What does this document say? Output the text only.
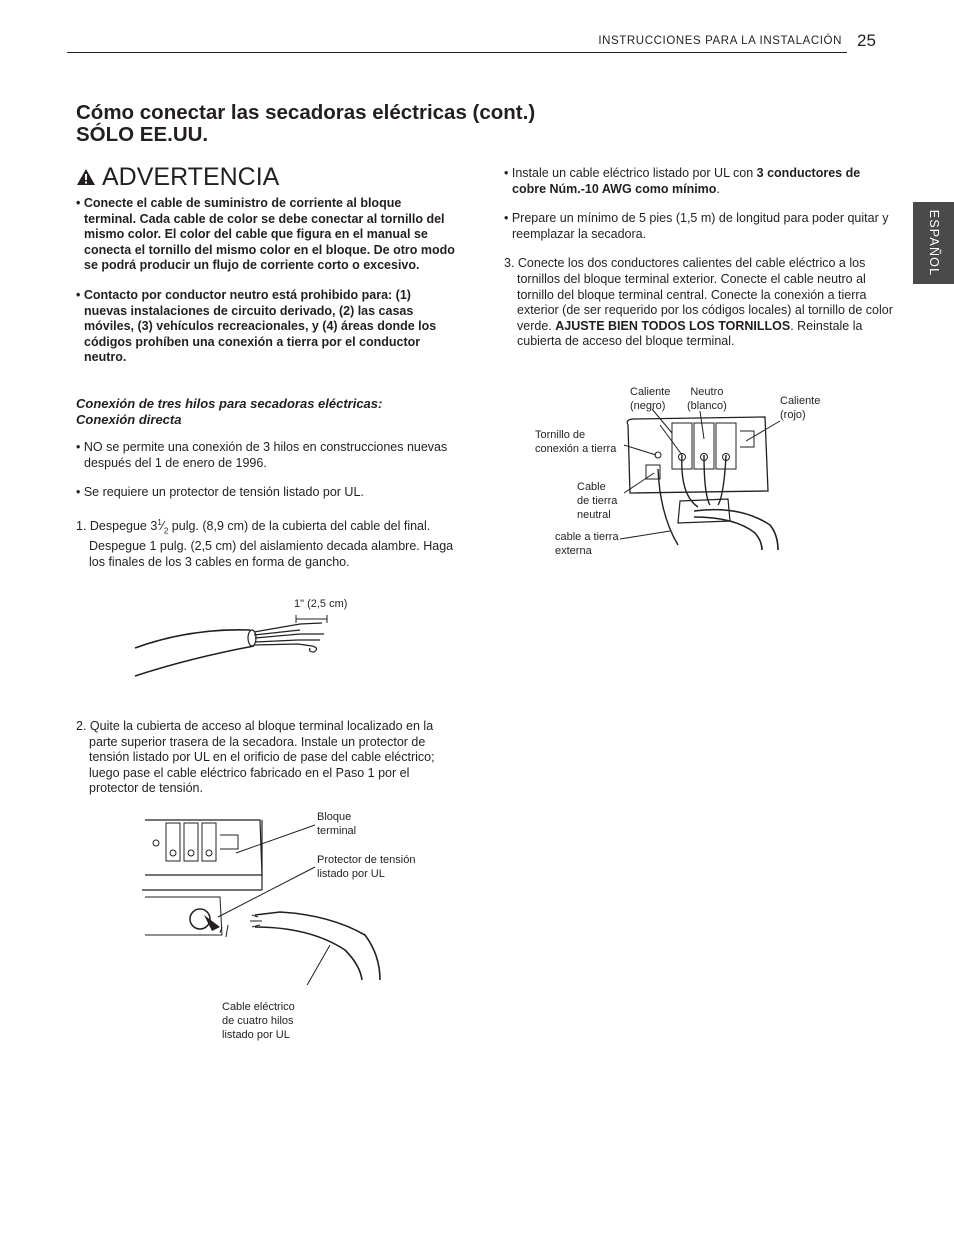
INSTRUCCIONES PARA LA INSTALACIÓN 25
ESPAÑOL
Cómo conectar las secadoras eléctricas (cont.)
SÓLO EE.UU.
ADVERTENCIA

• Conecte el cable de suministro de corriente al bloque terminal. Cada cable de color se debe conectar al tornillo del mismo color. El color del cable que figura en el manual se conecta el tornillo del mismo color en el bloque. De otro modo se podrá producir un flujo de corriente corto o excesivo.

• Contacto por conductor neutro está prohibido para: (1) nuevas instalaciones de circuito derivado, (2) las casas móviles, (3) vehículos recreacionales, y (4) áreas donde los códigos prohíben una conexión a tierra por el conductor neutro.

Conexión de tres hilos para secadoras eléctricas:
Conexión directa

• NO se permite una conexión de 3 hilos en construcciones nuevas después del 1 de enero de 1996.

• Se requiere un protector de tensión listado por UL.

1. Despegue $3^1⁄_2$ pulg. (8,9 cm) de la cubierta del cable del final. Despegue 1 pulg. (2,5 cm) del aislamiento decada alambre. Haga los finales de los 3 cables en forma de gancho.

1" (2,5 cm)

2. Quite la cubierta de acceso al bloque terminal localizado en la parte superior trasera de la secadora. Instale un protector de tensión listado por UL en el orificio de pase del cable eléctrico; luego pase el cable eléctrico fabricado en el Paso 1 por el protector de tensión.

Bloque
terminal
Protector de tensión
listado por UL
Cable eléctrico
de cuatro hilos
listado por UL

• Instale un cable eléctrico listado por UL con 3 conductores de cobre Núm.-10 AWG como mínimo.

• Prepare un mínimo de 5 pies (1,5 m) de longitud para poder quitar y reemplazar la secadora.

3. Conecte los dos conductores calientes del cable eléctrico a los tornillos del bloque terminal exterior. Conecte el cable neutro al tornillo del bloque terminal central. Conecte la conexión a tierra exterior (de ser requerido por los códigos locales) al tornillo de color verde. AJUSTE BIEN TODOS LOS TORNILLOS. Reinstale la cubierta de acceso del bloque terminal.

Caliente
(negro)
Neutro
(blanco)	Caliente
(rojo)
Tornillo de
conexión a tierra
Cable
de tierra
neutral
cable a tierra
externa
